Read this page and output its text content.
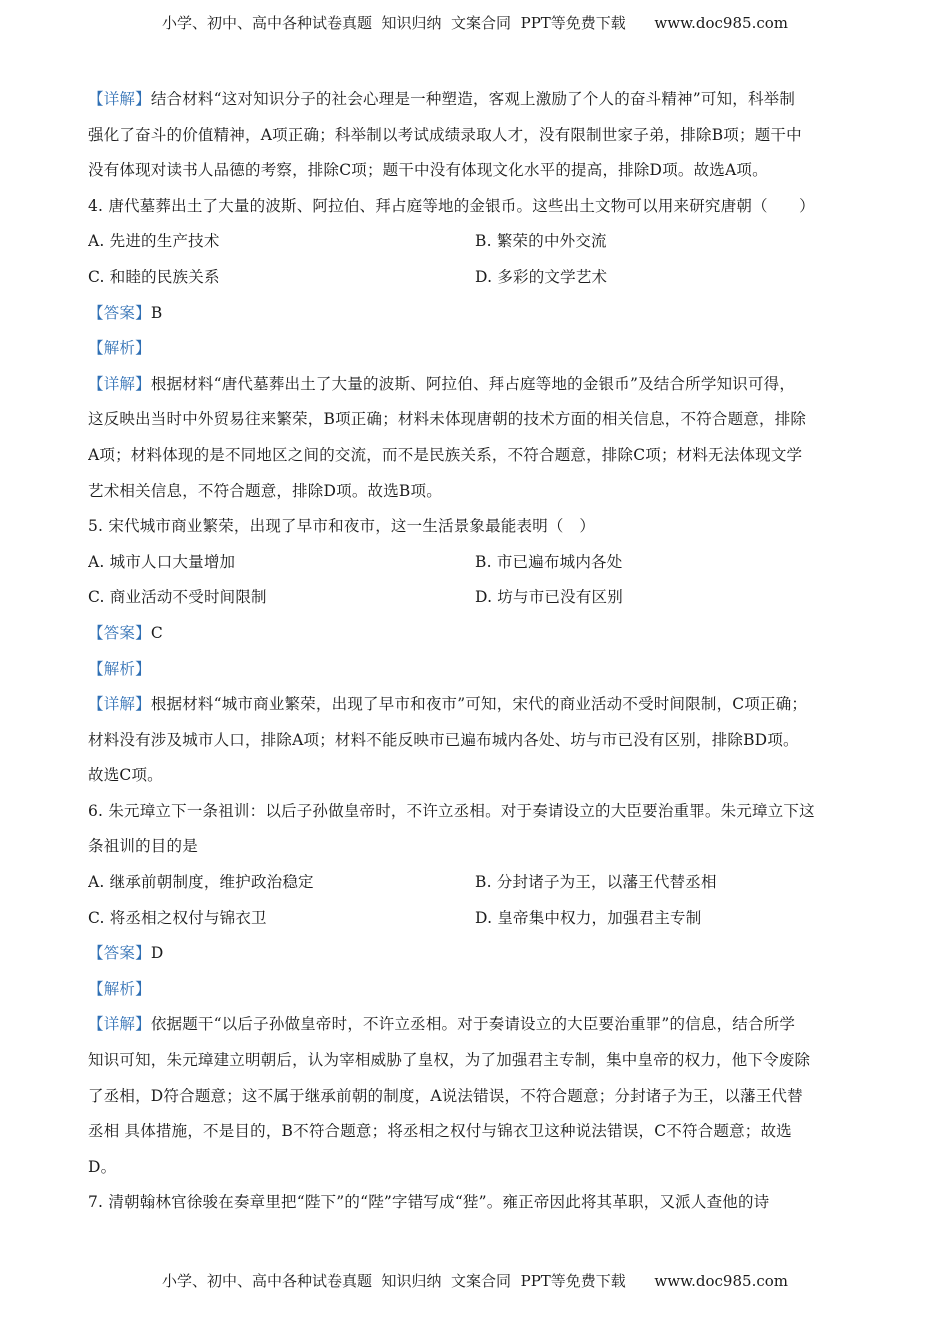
小学、初中、高中各种试卷真题  知识归纳  文案合同  PPT等免费下载      www.doc985.com
【详解】结合材料“这对知识分子的社会心理是一种塑造，客观上激励了个人的奋斗精神”可知，科举制
强化了奋斗的价值精神，A项正确；科举制以考试成绩录取人才，没有限制世家子弟，排除B项；题干中
没有体现对读书人品德的考察，排除C项；题干中没有体现文化水平的提高，排除D项。故选A项。
4. 唐代墓葬出土了大量的波斯、阿拉伯、拜占庭等地的金银币。这些出土文物可以用来研究唐朝（　　）
A. 先进的生产技术	B. 繁荣的中外交流
C. 和睦的民族关系	D. 多彩的文学艺术
【答案】B
【解析】
【详解】根据材料“唐代墓葬出土了大量的波斯、阿拉伯、拜占庭等地的金银币”及结合所学知识可得，
这反映出当时中外贸易往来繁荣，B项正确；材料未体现唐朝的技术方面的相关信息，不符合题意，排除
A项；材料体现的是不同地区之间的交流，而不是民族关系，不符合题意，排除C项；材料无法体现文学
艺术相关信息，不符合题意，排除D项。故选B项。
5. 宋代城市商业繁荣，出现了早市和夜市，这一生活景象最能表明（　）
A. 城市人口大量增加	B. 市已遍布城内各处
C. 商业活动不受时间限制	D. 坊与市已没有区别
【答案】C
【解析】
【详解】根据材料“城市商业繁荣，出现了早市和夜市”可知，宋代的商业活动不受时间限制，C项正确；
材料没有涉及城市人口，排除A项；材料不能反映市已遍布城内各处、坊与市已没有区别，排除BD项。
故选C项。
6. 朱元璋立下一条祖训：以后子孙做皇帝时，不许立丞相。对于奏请设立的大臣要治重罪。朱元璋立下这
条祖训的目的是
A. 继承前朝制度，维护政治稳定	B. 分封诸子为王，以藩王代替丞相
C. 将丞相之权付与锦衣卫	D. 皇帝集中权力，加强君主专制
【答案】D
【解析】
【详解】依据题干“以后子孙做皇帝时，不许立丞相。对于奏请设立的大臣要治重罪”的信息，结合所学
知识可知，朱元璋建立明朝后，认为宰相威胁了皇权，为了加强君主专制，集中皇帝的权力，他下令废除
了丞相，D符合题意；这不属于继承前朝的制度，A说法错误，不符合题意；分封诸子为王，以藩王代替
丞相 具体措施，不是目的，B不符合题意；将丞相之权付与锦衣卫这种说法错误，C不符合题意；故选
D。
7. 清朝翰林官徐骏在奏章里把“陛下”的“陛”字错写成“狴”。雍正帝因此将其革职，又派人查他的诗
小学、初中、高中各种试卷真题  知识归纳  文案合同  PPT等免费下载      www.doc985.com
